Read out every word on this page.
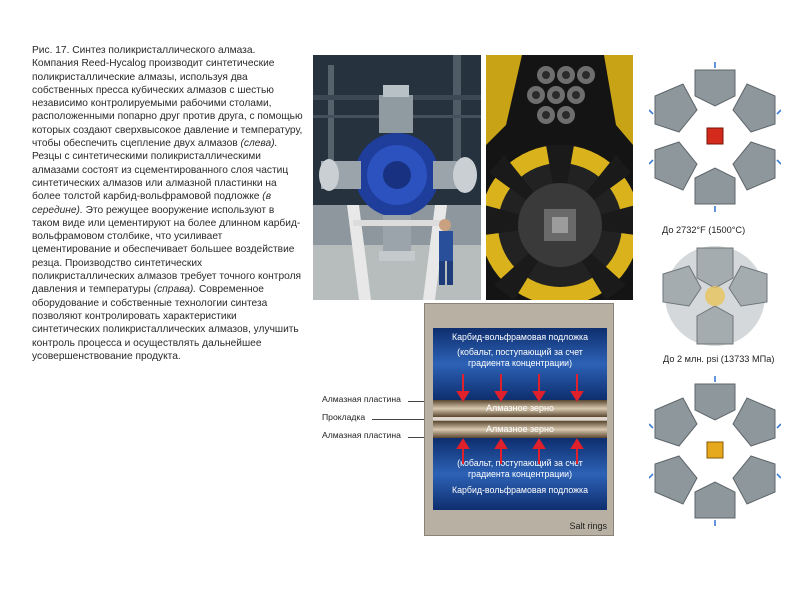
Рис. 17. Синтез поликристаллического алмаза. Компания Reed-Hycalog производит синтетические поликристаллические алмазы, используя два собственных пресса кубических алмазов с шестью независимо контролируемыми рабочими столами, расположенными попарно друг против друга, с помощью которых создают сверхвысокое давление и температуру, чтобы обеспечить сцепление двух алмазов (слева). Резцы с синтетическими поликристаллическими алмазами состоят из сцементированного слоя частиц синтетических алмазов или алмазной пластинки на более толстой карбид-вольфрамовой подложке (в середине). Это режущее вооружение используют в таком виде или цементируют на более длинном карбид-вольфрамовом столбике, что усиливает цементирование и обеспечивает большее воздействие резца. Производство синтетических поликристаллических алмазов требует точного контроля давления и температуры (справа). Современное оборудование и собственные технологии синтеза позволяют контролировать характеристики синтетических поликристаллических алмазов, улучшить контроль процесса и осуществлять дальнейшее усовершенствование продукта.

Алмазная пластина
Прокладка
Алмазная пластина
Карбид-вольфрамовая подложка
(кобальт, поступающий за счет градиента концентрации)
Алмазное зерно
Алмазное зерно
(кобальт, поступающий за счет градиента концентрации)
Карбид-вольфрамовая подложка
Salt rings
До 2732°F (1500°C)
До 2 млн. psi (13733 МПа)
